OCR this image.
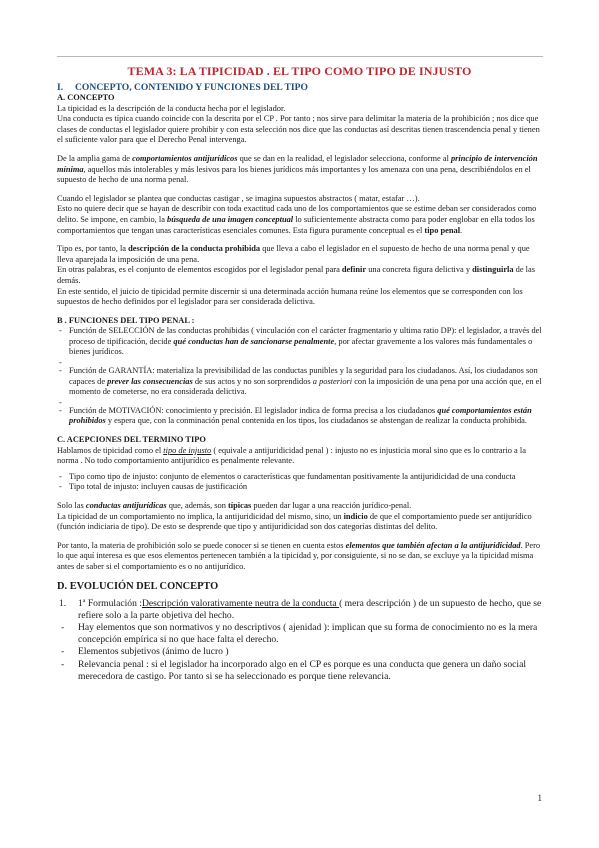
TEMA 3: LA TIPICIDAD . EL TIPO COMO TIPO DE INJUSTO

I. CONCEPTO, CONTENIDO Y FUNCIONES DEL TIPO

A. CONCEPTO

La tipicidad es la descripción de la conducta hecha por el legislador.

Una conducta es típica cuando coincide con la descrita por el CP . Por tanto ; nos sirve para delimitar la materia de la prohibición ; nos dice que clases de conductas el legislador quiere prohibir y con esta selección nos dice que las conductas así descritas tienen trascendencia penal y tienen el suficiente valor para que el Derecho Penal intervenga.

De la amplia gama de comportamientos antijurídicos que se dan en la realidad, el legislador selecciona, conforme al principio de intervención mínima, aquellos más intolerables y más lesivos para los bienes jurídicos más importantes y los amenaza con una pena, describiéndolos en el supuesto de hecho de una norma penal.

Cuando el legislador se plantea que conductas castigar , se imagina supuestos abstractos ( matar, estafar …).

Esto no quiere decir que se hayan de describir con toda exactitud cada uno de los comportamientos que se estime deban ser considerados como delito. Se impone, en cambio, la búsqueda de una imagen conceptual lo suficientemente abstracta como para poder englobar en ella todos los comportamientos que tengan unas características esenciales comunes. Esta figura puramente conceptual es el tipo penal.

Tipo es, por tanto, la descripción de la conducta prohibida que lleva a cabo el legislador en el supuesto de hecho de una norma penal y que lleva aparejada la imposición de una pena.

En otras palabras, es el conjunto de elementos escogidos por el legislador penal para definir una concreta figura delictiva y distinguirla de las demás.

En este sentido, el juicio de tipicidad permite discernir si una determinada acción humana reúne los elementos que se corresponden con los supuestos de hecho definidos por el legislador para ser considerada delictiva.

B . FUNCIONES DEL TIPO PENAL :

- Función de SELECCIÓN de las conductas prohibidas ( vinculación con el carácter fragmentario y ultima ratio DP): el legislador, a través del proceso de tipificación, decide qué conductas han de sancionarse penalmente, por afectar gravemente a los valores más fundamentales o bienes jurídicos.
-
- Función de GARANTÍA: materializa la previsibilidad de las conductas punibles y la seguridad para los ciudadanos. Así, los ciudadanos son capaces de prever las consecuencias de sus actos y no son sorprendidos a posteriori con la imposición de una pena por una acción que, en el momento de cometerse, no era considerada delictiva.
-
- Función de MOTIVACIÓN: conocimiento y precisión. El legislador indica de forma precisa a los ciudadanos qué comportamientos están prohibidos y espera que, con la conminación penal contenida en los tipos, los ciudadanos se abstengan de realizar la conducta prohibida.

C. ACEPCIONES DEL TERMINO TIPO

Hablamos de tipicidad como el tipo de injusto ( equivale a antijuridicidad penal ) : injusto no es injusticia moral sino que es lo contrario a la norma . No todo comportamiento antijurídico es penalmente relevante.

- Tipo como tipo de injusto: conjunto de elementos o características que fundamentan positivamente la antijuridicidad de una conducta
- Tipo total de injusto: incluyen causas de justificación

Solo las conductas antijurídicas que, además, son típicas pueden dar lugar a una reacción jurídico-penal.

La tipicidad de un comportamiento no implica, la antijuridicidad del mismo, sino, un indicio de que el comportamiento puede ser antijurídico (función indiciaria de tipo). De esto se desprende que tipo y antijuridicidad son dos categorías distintas del delito.

Por tanto, la materia de prohibición solo se puede conocer si se tienen en cuenta estos elementos que también afectan a la antijuridicidad. Pero lo que aquí interesa es que esos elementos pertenecen también a la tipicidad y, por consiguiente, si no se dan, se excluye ya la tipicidad misma antes de saber si el comportamiento es o no antijurídico.

D. EVOLUCIÓN DEL CONCEPTO

1. 1ª Formulación :Descripción valorativamente neutra de la conducta ( mera descripción ) de un supuesto de hecho, que se refiere solo a la parte objetiva del hecho.
- Hay elementos que son normativos y no descriptivos ( ajenidad ): implican que su forma de conocimiento no es la mera concepción empírica si no que hace falta el derecho.
- Elementos subjetivos (ánimo de lucro )
- Relevancia penal : si el legislador ha incorporado algo en el CP es porque es una conducta que genera un daño social merecedora de castigo. Por tanto si se ha seleccionado es porque tiene relevancia.
1
